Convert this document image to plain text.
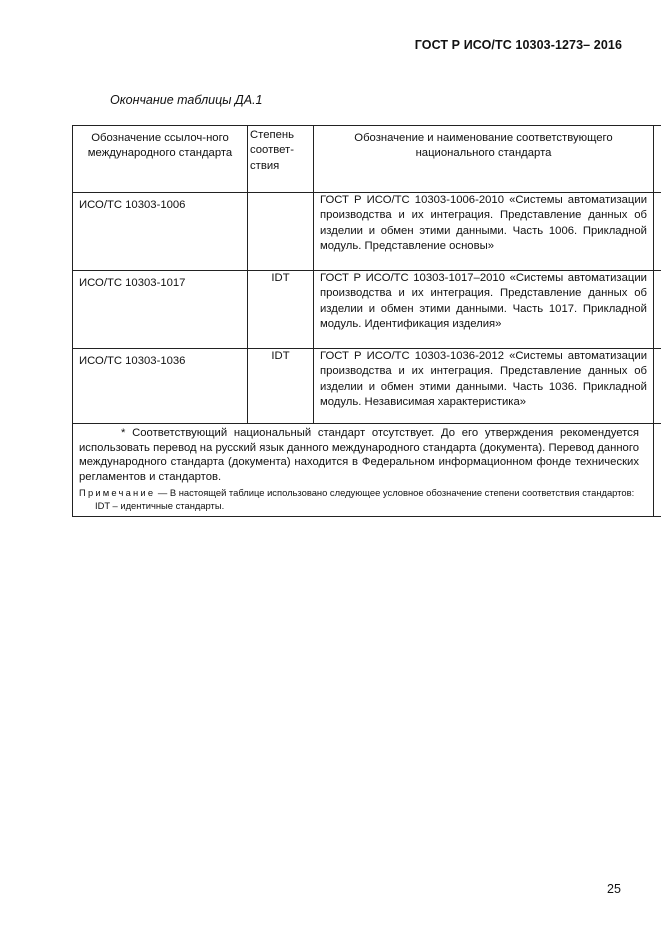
ГОСТ Р ИСО/ТС 10303-1273– 2016
Окончание таблицы ДА.1
Обозначение ссылоч-ного международного стандарта	Степень соответ-ствия	Обозначение и наименование соответствующего национального стандарта	
ИСО/ТС 10303-1006		ГОСТ Р ИСО/ТС 10303-1006-2010 «Системы автоматизации производства и их интеграция. Представление данных об изделии и обмен этими данными. Часть 1006. Прикладной модуль. Представление основы»	
ИСО/ТС 10303-1017	IDT	ГОСТ Р ИСО/ТС 10303-1017–2010 «Системы автоматизации производства и их интеграция. Представление данных об изделии и обмен этими данными. Часть 1017. Прикладной модуль. Идентификация изделия»	
ИСО/ТС 10303-1036	IDT	ГОСТ Р ИСО/ТС 10303-1036-2012 «Системы автоматизации производства и их интеграция. Представление данных об изделии и обмен этими данными. Часть 1036. Прикладной модуль. Независимая характеристика»	

* Соответствующий национальный стандарт отсутствует. До его утверждения рекомендуется использовать перевод на русский язык данного международного стандарта (документа). Перевод данного международного стандарта (документа) находится в Федеральном информационном фонде технических регламентов и стандартов.

Примечание — В настоящей таблице использовано следующее условное обозначение степени соответствия стандартов:

IDT – идентичные стандарты.			

25
